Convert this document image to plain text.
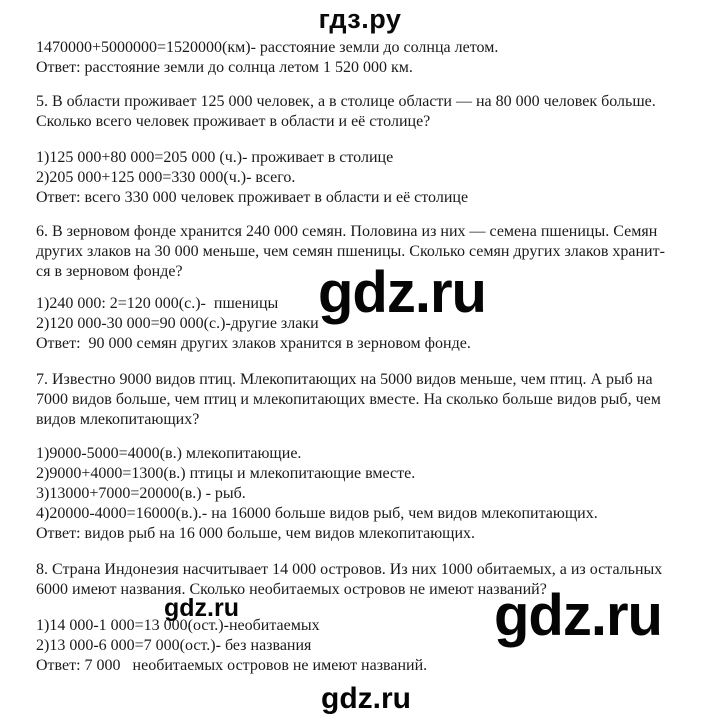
гдз.ру
1470000+5000000=1520000(км)- расстояние земли до солнца летом.
Ответ: расстояние земли до солнца летом 1 520 000 км.
5. В области проживает 125 000 человек, а в столице области — на 80 000 человек больше.
Сколько всего человек проживает в области и её столице?
1)125 000+80 000=205 000 (ч.)- проживает в столице
2)205 000+125 000=330 000(ч.)- всего.
Ответ: всего 330 000 человек проживает в области и её столице
6. В зерновом фонде хранится 240 000 семян. Половина из них — семена пшеницы. Семян
других злаков на 30 000 меньше, чем семян пшеницы. Сколько семян других злаков хранит-
ся в зерновом фонде?
1)240 000: 2=120 000(с.)-  пшеницы
2)120 000-30 000=90 000(с.)-другие злаки
Ответ:  90 000 семян других злаков хранится в зерновом фонде.
7. Известно 9000 видов птиц. Млекопитающих на 5000 видов меньше, чем птиц. А рыб на
7000 видов больше, чем птиц и млекопитающих вместе. На сколько больше видов рыб, чем
видов млекопитающих?
1)9000-5000=4000(в.) млекопитающие.
2)9000+4000=1300(в.) птицы и млекопитающие вместе.
3)13000+7000=20000(в.) - рыб.
4)20000-4000=16000(в.).- на 16000 больше видов рыб, чем видов млекопитающих.
Ответ: видов рыб на 16 000 больше, чем видов млекопитающих.
8. Страна Индонезия насчитывает 14 000 островов. Из них 1000 обитаемых, а из остальных
6000 имеют названия. Сколько необитаемых островов не имеют названий?
1)14 000-1 000=13 000(ост.)-необитаемых
2)13 000-6 000=7 000(ост.)- без названия
Ответ: 7 000   необитаемых островов не имеют названий.
gdz.ru
gdz.ru	gdz.ru
gdz.ru
